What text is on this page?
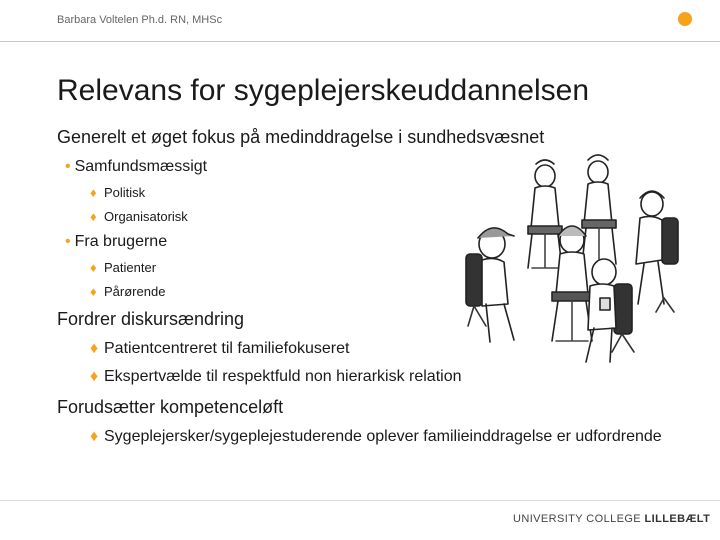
Barbara Voltelen Ph.d. RN, MHSc
Relevans for sygeplejerskeuddannelsen
Generelt et øget fokus på medinddragelse i sundhedsvæsnet
• Samfundsmæssigt
♦ Politisk
♦ Organisatorisk
• Fra brugerne
♦ Patienter
♦ Pårørende
Fordrer diskursændring
♦ Patientcentreret til familiefokuseret
♦ Ekspertvælde til respektfuld non hierarkisk relation
Forudsætter kompetenceløft
♦ Sygeplejersker/sygeplejestuderende oplever familieinddragelse er udfordrende
UNIVERSITY COLLEGE LILLEBÆLT
